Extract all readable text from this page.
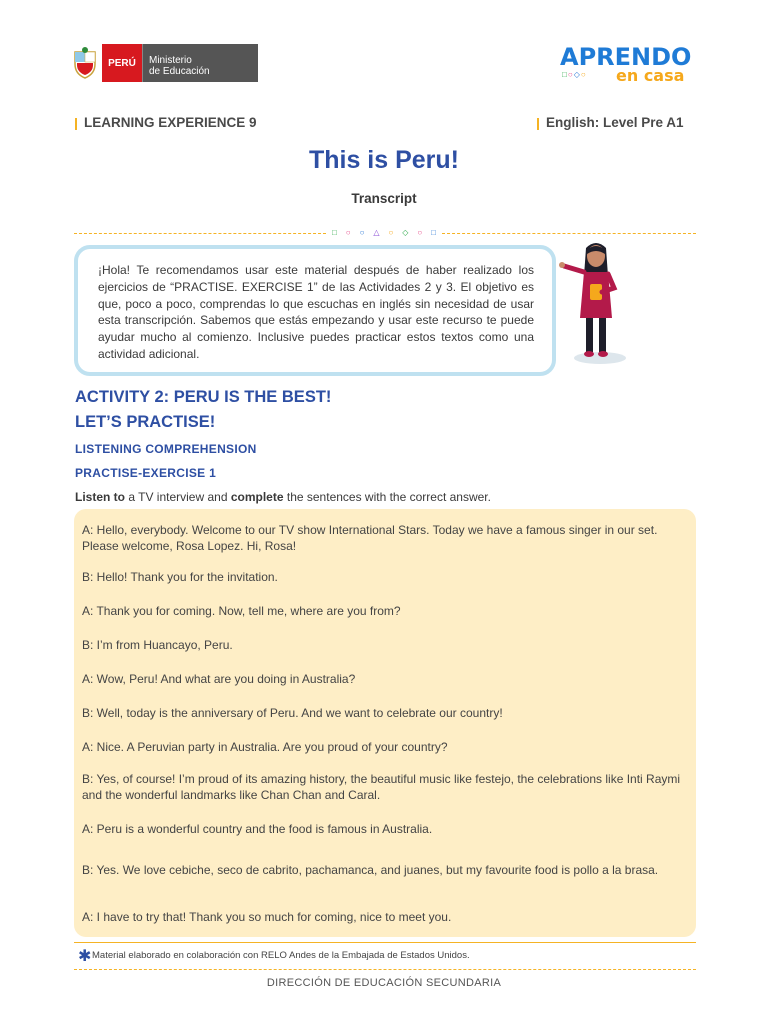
PERÚ	Ministerio
de Educación
APRENDO
□○◇○ en casa
LEARNING EXPERIENCE 9	English: Level Pre A1
This is Peru!
Transcript
□ ○ ○ △ ○ ◇ ○ □

¡Hola! Te recomendamos usar este material después de haber realizado los ejercicios de “PRACTISE. EXERCISE 1” de las Actividades 2 y 3. El objetivo es que, poco a poco, comprendas lo que escuchas en inglés sin necesidad de usar esta transcripción. Sabemos que estás empezando y usar este recurso te puede ayudar mucho al comienzo. Inclusive puedes practicar estos textos como una actividad adicional.

ACTIVITY 2: PERU IS THE BEST!
LET’S PRACTISE!
LISTENING COMPREHENSION
PRACTISE-EXERCISE 1
Listen to a TV interview and complete the sentences with the correct answer.
A: Hello, everybody. Welcome to our TV show International Stars. Today we have a famous singer in our set. Please welcome, Rosa Lopez. Hi, Rosa!
B: Hello! Thank you for the invitation.
A: Thank you for coming. Now, tell me, where are you from?
B: I’m from Huancayo, Peru.
A: Wow, Peru! And what are you doing in Australia?
B: Well, today is the anniversary of Peru. And we want to celebrate our country!
A: Nice. A Peruvian party in Australia. Are you proud of your country?
B: Yes, of course! I’m proud of its amazing history, the beautiful music like festejo, the celebrations like Inti Raymi and the wonderful landmarks like Chan Chan and Caral.
A: Peru is a wonderful country and the food is famous in Australia.
B: Yes. We love cebiche, seco de cabrito, pachamanca, and juanes, but my favourite food is pollo a la brasa.
A: I have to try that! Thank you so much for coming, nice to meet you.
✱ Material elaborado en colaboración con RELO Andes de la Embajada de Estados Unidos.
DIRECCIÓN DE EDUCACIÓN SECUNDARIA
